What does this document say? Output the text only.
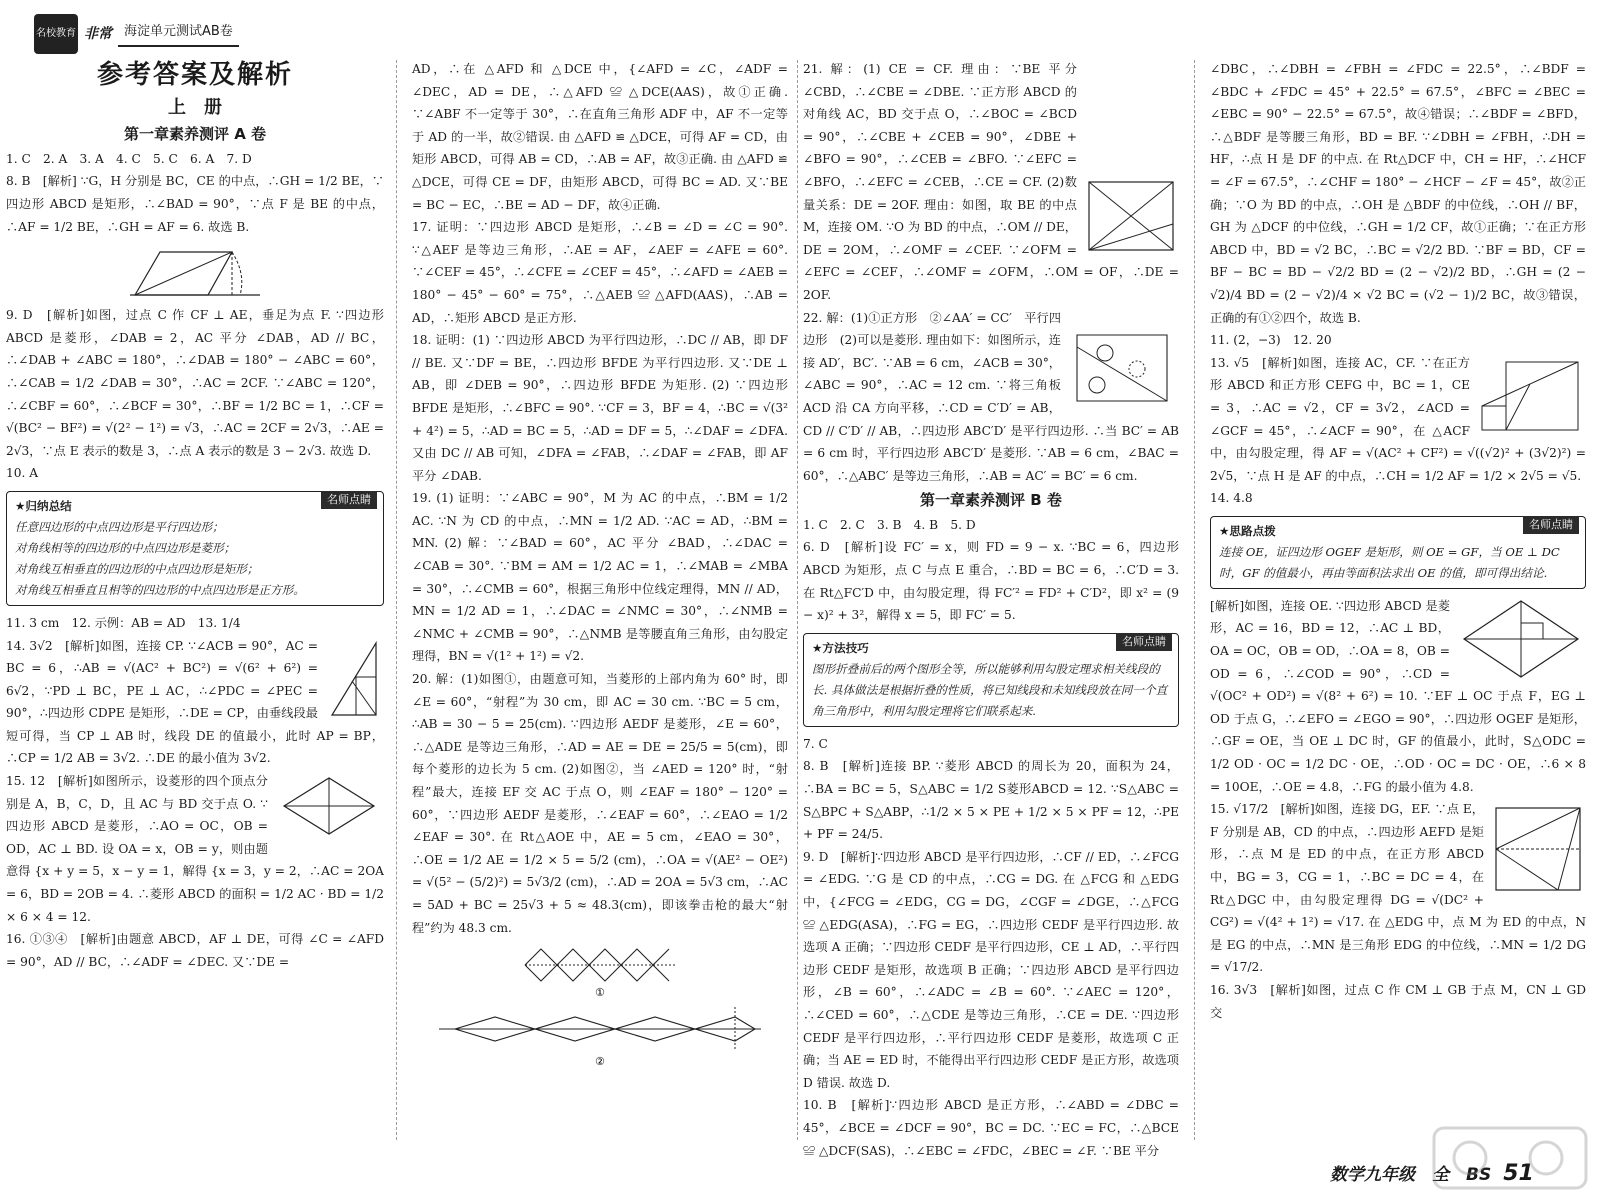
名校教育 非常 海淀单元测试AB卷
参考答案及解析
上　册
第一章素养测评 A 卷

1. C　2. A　3. A　4. C　5. C　6. A　7. D

8. B　[解析] ∵G，H 分别是 BC，CE 的中点，∴GH = 1/2 BE，∵四边形 ABCD 是矩形，∴∠BAD = 90°，∵点 F 是 BE 的中点，∴AF = 1/2 BE，∴GH = AF = 6. 故选 B.

9. D　[解析]如图，过点 C 作 CF ⊥ AE，垂足为点 F. ∵四边形 ABCD 是菱形，∠DAB = 2，AC 平分 ∠DAB，AD // BC，∴∠DAB + ∠ABC = 180°，∴∠DAB = 180° − ∠ABC = 60°，∴∠CAB = 1/2 ∠DAB = 30°，∴AC = 2CF. ∵∠ABC = 120°，∴∠CBF = 60°，∴∠BCF = 30°，∴BF = 1/2 BC = 1，∴CF = √(BC² − BF²) = √(2² − 1²) = √3，∴AC = 2CF = 2√3，∴AE = 2√3，∵点 E 表示的数是 3，∴点 A 表示的数是 3 − 2√3. 故选 D.

10. A

名师点睛
★归纳总结
任意四边形的中点四边形是平行四边形；
对角线相等的四边形的中点四边形是菱形；
对角线互相垂直的四边形的中点四边形是矩形；
对角线互相垂直且相等的四边形的中点四边形是正方形。

11. 3 cm　12. 示例：AB = AD　13. 1/4

14. 3√2　[解析]如图，连接 CP. ∵∠ACB = 90°，AC = BC = 6，∴AB = √(AC² + BC²) = √(6² + 6²) = 6√2，∵PD ⊥ BC，PE ⊥ AC，∴∠PDC = ∠PEC = 90°，∴四边形 CDPE 是矩形，∴DE = CP，由垂线段最短可得，当 CP ⊥ AB 时，线段 DE 的值最小，此时 AP = BP，∴CP = 1/2 AB = 3√2. ∴DE 的最小值为 3√2.

15. 12　[解析]如图所示，设菱形的四个顶点分别是 A，B，C，D，且 AC 与 BD 交于点 O. ∵四边形 ABCD 是菱形，∴AO = OC，OB = OD，AC ⊥ BD. 设 OA = x，OB = y，则由题意得 {x + y = 5，x − y = 1，解得 {x = 3，y = 2，∴AC = 2OA = 6，BD = 2OB = 4. ∴菱形 ABCD 的面积 = 1/2 AC · BD = 1/2 × 6 × 4 = 12.

16. ①③④　[解析]由题意 ABCD，AF ⊥ DE，可得 ∠C = ∠AFD = 90°，AD // BC，∴∠ADF = ∠DEC. 又∵DE =

AD，∴在 △AFD 和 △DCE 中，{∠AFD = ∠C，∠ADF = ∠DEC，AD = DE，∴△AFD ≌ △DCE(AAS)，故①正确. ∵∠ABF 不一定等于 30°，∴在直角三角形 ADF 中，AF 不一定等于 AD 的一半，故②错误. 由 △AFD ≌ △DCE，可得 AF = CD，由矩形 ABCD，可得 AB = CD，∴AB = AF，故③正确. 由 △AFD ≌ △DCE，可得 CE = DF，由矩形 ABCD，可得 BC = AD. 又∵BE = BC − EC，∴BE = AD − DF，故④正确.

17. 证明：∵四边形 ABCD 是矩形，∴∠B = ∠D = ∠C = 90°. ∵△AEF 是等边三角形，∴AE = AF，∠AEF = ∠AFE = 60°. ∵∠CEF = 45°，∴∠CFE = ∠CEF = 45°，∴∠AFD = ∠AEB = 180° − 45° − 60° = 75°，∴△AEB ≌ △AFD(AAS)，∴AB = AD，∴矩形 ABCD 是正方形.

18. 证明：(1) ∵四边形 ABCD 为平行四边形，∴DC // AB，即 DF // BE. 又∵DF = BE，∴四边形 BFDE 为平行四边形. 又∵DE ⊥ AB，即 ∠DEB = 90°，∴四边形 BFDE 为矩形. (2) ∵四边形 BFDE 是矩形，∴∠BFC = 90°. ∵CF = 3，BF = 4，∴BC = √(3² + 4²) = 5，∴AD = BC = 5，∴AD = DF = 5，∴∠DAF = ∠DFA. 又由 DC // AB 可知，∠DFA = ∠FAB，∴∠DAF = ∠FAB，即 AF 平分 ∠DAB.

19. (1) 证明：∵∠ABC = 90°，M 为 AC 的中点，∴BM = 1/2 AC. ∵N 为 CD 的中点，∴MN = 1/2 AD. ∵AC = AD，∴BM = MN. (2) 解：∵∠BAD = 60°，AC 平分 ∠BAD，∴∠DAC = ∠CAB = 30°. ∵BM = AM = 1/2 AC = 1，∴∠MAB = ∠MBA = 30°，∴∠CMB = 60°，根据三角形中位线定理得，MN // AD，MN = 1/2 AD = 1，∴∠DAC = ∠NMC = 30°，∴∠NMB = ∠NMC + ∠CMB = 90°，∴△NMB 是等腰直角三角形，由勾股定理得，BN = √(1² + 1²) = √2.

20. 解：(1)如图①，由题意可知，当菱形的上部内角为 60° 时，即 ∠E = 60°，“射程”为 30 cm，即 AC = 30 cm. ∵BC = 5 cm，∴AB = 30 − 5 = 25(cm). ∵四边形 AEDF 是菱形，∠E = 60°，∴△ADE 是等边三角形，∴AD = AE = DE = 25/5 = 5(cm)，即每个菱形的边长为 5 cm. (2)如图②，当 ∠AED = 120° 时，“射程”最大，连接 EF 交 AC 于点 O，则 ∠EAF = 180° − 120° = 60°，∵四边形 AEDF 是菱形，∴∠EAF = 60°，∴∠EAO = 1/2 ∠EAF = 30°. 在 Rt△AOE 中，AE = 5 cm，∠EAO = 30°，∴OE = 1/2 AE = 1/2 × 5 = 5/2 (cm)，∴OA = √(AE² − OE²) = √(5² − (5/2)²) = 5√3/2 (cm)，∴AD = 2OA = 5√3 cm，∴AC = 5AD + BC = 25√3 + 5 ≈ 48.3(cm)，即该拳击枪的最大“射程”约为 48.3 cm.

①
②

21. 解：(1) CE = CF. 理由：∵BE 平分 ∠CBD，∴∠CBE = ∠DBE. ∵正方形 ABCD 的对角线 AC，BD 交于点 O，∴∠BOC = ∠BCD = 90°，∴∠CBE + ∠CEB = 90°，∠DBE + ∠BFO = 90°，∴∠CEB = ∠BFO. ∵∠EFC = ∠BFO，∴∠EFC = ∠CEB，∴CE = CF. (2)数量关系：DE = 2OF. 理由：如图，取 BE 的中点 M，连接 OM. ∵O 为 BD 的中点，∴OM // DE，DE = 2OM，∴∠OMF = ∠CEF. ∵∠OFM = ∠EFC = ∠CEF，∴∠OMF = ∠OFM，∴OM = OF，∴DE = 2OF.

22. 解：(1)①正方形　②∠AA′ = CC′　平行四边形　(2)可以是菱形. 理由如下：如图所示，连接 AD′，BC′. ∵AB = 6 cm，∠ACB = 30°，∠ABC = 90°，∴AC = 12 cm. ∵将三角板 ACD 沿 CA 方向平移，∴CD = C′D′ = AB，CD // C′D′ // AB，∴四边形 ABC′D′ 是平行四边形. ∴当 BC′ = AB = 6 cm 时，平行四边形 ABC′D′ 是菱形. ∵AB = 6 cm，∠BAC = 60°，∴△ABC′ 是等边三角形，∴AB = AC′ = BC′ = 6 cm.

第一章素养测评 B 卷

1. C　2. C　3. B　4. B　5. D

6. D　[解析]设 FC′ = x，则 FD = 9 − x. ∵BC = 6，四边形 ABCD 为矩形，点 C 与点 E 重合，∴BD = BC = 6，∴C′D = 3. 在 Rt△FC′D 中，由勾股定理，得 FC′² = FD² + C′D²，即 x² = (9 − x)² + 3²，解得 x = 5，即 FC′ = 5.

名师点睛
★方法技巧
图形折叠前后的两个图形全等，所以能够利用勾股定理求相关线段的长. 具体做法是根据折叠的性质，将已知线段和未知线段放在同一个直角三角形中，利用勾股定理将它们联系起来.

7. C

8. B　[解析]连接 BP. ∵菱形 ABCD 的周长为 20，面积为 24，∴BA = BC = 5，S△ABC = 1/2 S菱形ABCD = 12. ∵S△ABC = S△BPC + S△ABP，∴1/2 × 5 × PE + 1/2 × 5 × PF = 12，∴PE + PF = 24/5.

9. D　[解析]∵四边形 ABCD 是平行四边形，∴CF // ED，∴∠FCG = ∠EDG. ∵G 是 CD 的中点，∴CG = DG. 在 △FCG 和 △EDG 中，{∠FCG = ∠EDG，CG = DG，∠CGF = ∠DGE，∴△FCG ≌ △EDG(ASA)，∴FG = EG，∴四边形 CEDF 是平行四边形. 故选项 A 正确；∵四边形 CEDF 是平行四边形，CE ⊥ AD，∴平行四边形 CEDF 是矩形，故选项 B 正确；∵四边形 ABCD 是平行四边形，∠B = 60°，∴∠ADC = ∠B = 60°. ∵∠AEC = 120°，∴∠CED = 60°，∴△CDE 是等边三角形，∴CE = DE. ∵四边形 CEDF 是平行四边形，∴平行四边形 CEDF 是菱形，故选项 C 正确；当 AE = ED 时，不能得出平行四边形 CEDF 是正方形，故选项 D 错误. 故选 D.

10. B　[解析]∵四边形 ABCD 是正方形，∴∠ABD = ∠DBC = 45°，∠BCE = ∠DCF = 90°，BC = DC. ∵EC = FC，∴△BCE ≌ △DCF(SAS)，∴∠EBC = ∠FDC，∠BEC = ∠F. ∵BE 平分

∠DBC，∴∠DBH = ∠FBH = ∠FDC = 22.5°，∴∠BDF = ∠BDC + ∠FDC = 45° + 22.5° = 67.5°，∠BFC = ∠BEC = ∠EBC = 90° − 22.5° = 67.5°，故④错误；∴∠BDF = ∠BFD，∴△BDF 是等腰三角形，BD = BF. ∵∠DBH = ∠FBH，∴DH = HF，∴点 H 是 DF 的中点. 在 Rt△DCF 中，CH = HF，∴∠HCF = ∠F = 67.5°，∴∠CHF = 180° − ∠HCF − ∠F = 45°，故②正确；∵O 为 BD 的中点，∴OH 是 △BDF 的中位线，∴OH // BF，GH 为 △DCF 的中位线，∴GH = 1/2 CF，故①正确；∵在正方形 ABCD 中，BD = √2 BC，∴BC = √2/2 BD. ∵BF = BD，CF = BF − BC = BD − √2/2 BD = (2 − √2)/2 BD，∴GH = (2 − √2)/4 BD = (2 − √2)/4 × √2 BC = (√2 − 1)/2 BC，故③错误，正确的有①②四个，故选 B.

11. (2，−3)　12. 20

13. √5　[解析]如图，连接 AC，CF. ∵在正方形 ABCD 和正方形 CEFG 中，BC = 1，CE = 3，∴AC = √2，CF = 3√2，∠ACD = ∠GCF = 45°，∴∠ACF = 90°，在 △ACF 中，由勾股定理，得 AF = √(AC² + CF²) = √((√2)² + (3√2)²) = 2√5，∵点 H 是 AF 的中点，∴CH = 1/2 AF = 1/2 × 2√5 = √5.

14. 4.8

名师点睛
★思路点拨
连接 OE，证四边形 OGEF 是矩形，则 OE = GF，当 OE ⊥ DC 时，GF 的值最小，再由等面积法求出 OE 的值，即可得出结论.

[解析]如图，连接 OE. ∵四边形 ABCD 是菱形，AC = 16，BD = 12，∴AC ⊥ BD，OA = OC，OB = OD，∴OA = 8，OB = OD = 6，∴∠COD = 90°，∴CD = √(OC² + OD²) = √(8² + 6²) = 10. ∵EF ⊥ OC 于点 F，EG ⊥ OD 于点 G，∴∠EFO = ∠EGO = 90°，∴四边形 OGEF 是矩形，∴GF = OE，当 OE ⊥ DC 时，GF 的值最小，此时，S△ODC = 1/2 OD · OC = 1/2 DC · OE，∴OD · OC = DC · OE，∴6 × 8 = 10OE，∴OE = 4.8，∴FG 的最小值为 4.8.

15. √17/2　[解析]如图，连接 DG，EF. ∵点 E，F 分别是 AB，CD 的中点，∴四边形 AEFD 是矩形，∴点 M 是 ED 的中点，在正方形 ABCD 中，BG = 3，CG = 1，∴BC = DC = 4，在 Rt△DGC 中，由勾股定理得 DG = √(DC² + CG²) = √(4² + 1²) = √17. 在 △EDG 中，点 M 为 ED 的中点，N 是 EG 的中点，∴MN 是三角形 EDG 的中位线，∴MN = 1/2 DG = √17/2.

16. 3√3　[解析]如图，过点 C 作 CM ⊥ GB 于点 M，CN ⊥ GD 交

数学九年级　全　BS 51
